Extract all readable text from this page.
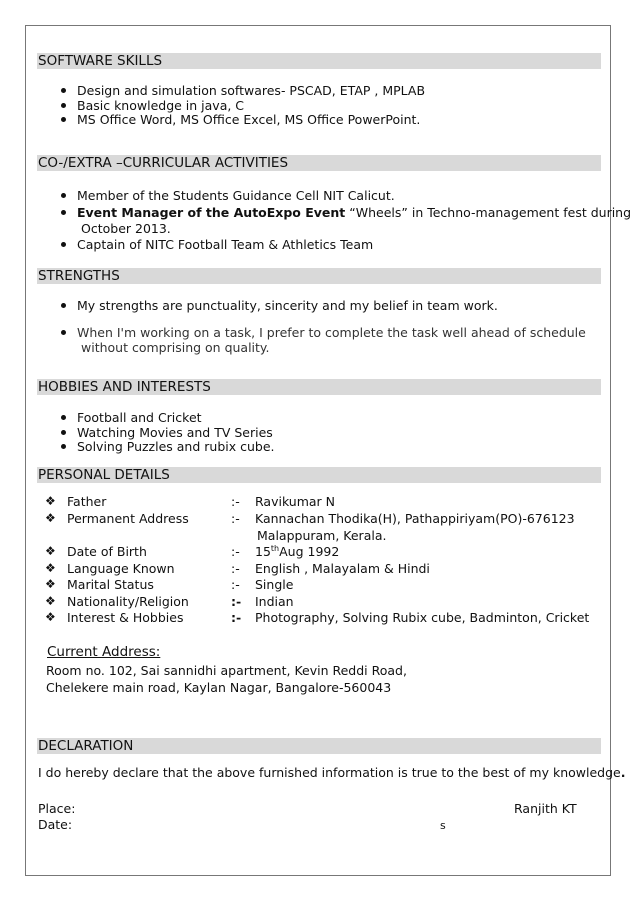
SOFTWARE SKILLS
Design and simulation softwares- PSCAD, ETAP , MPLAB
Basic knowledge in java, C
MS Office Word, MS Office Excel, MS Office PowerPoint.
CO-/EXTRA –CURRICULAR ACTIVITIES
Member of the Students Guidance Cell NIT Calicut.
Event Manager of the AutoExpo Event “Wheels” in Techno-management fest during
October 2013.
Captain of NITC Football Team & Athletics Team
STRENGTHS
My strengths are punctuality, sincerity and my belief in team work.
When I'm working on a task, I prefer to complete the task well ahead of schedule
without comprising on quality.
HOBBIES AND INTERESTS
Football and Cricket
Watching Movies and TV Series
Solving Puzzles and rubix cube.
PERSONAL DETAILS
❖ Father	:- Ravikumar N
❖ Permanent Address	:- Kannachan Thodika(H), Pathappiriyam(PO)-676123
Malappuram, Kerala.
❖ Date of Birth	:- 15thAug 1992
❖ Language Known	:- English , Malayalam & Hindi
❖ Marital Status	:- Single
❖ Nationality/Religion	:- Indian
❖ Interest & Hobbies	:- Photography, Solving Rubix cube, Badminton, Cricket
Current Address:
Room no. 102, Sai sannidhi apartment, Kevin Reddi Road,
Chelekere main road, Kaylan Nagar, Bangalore-560043
DECLARATION
I do hereby declare that the above furnished information is true to the best of my knowledge.
Place:
Date:
Ranjith KT
s
